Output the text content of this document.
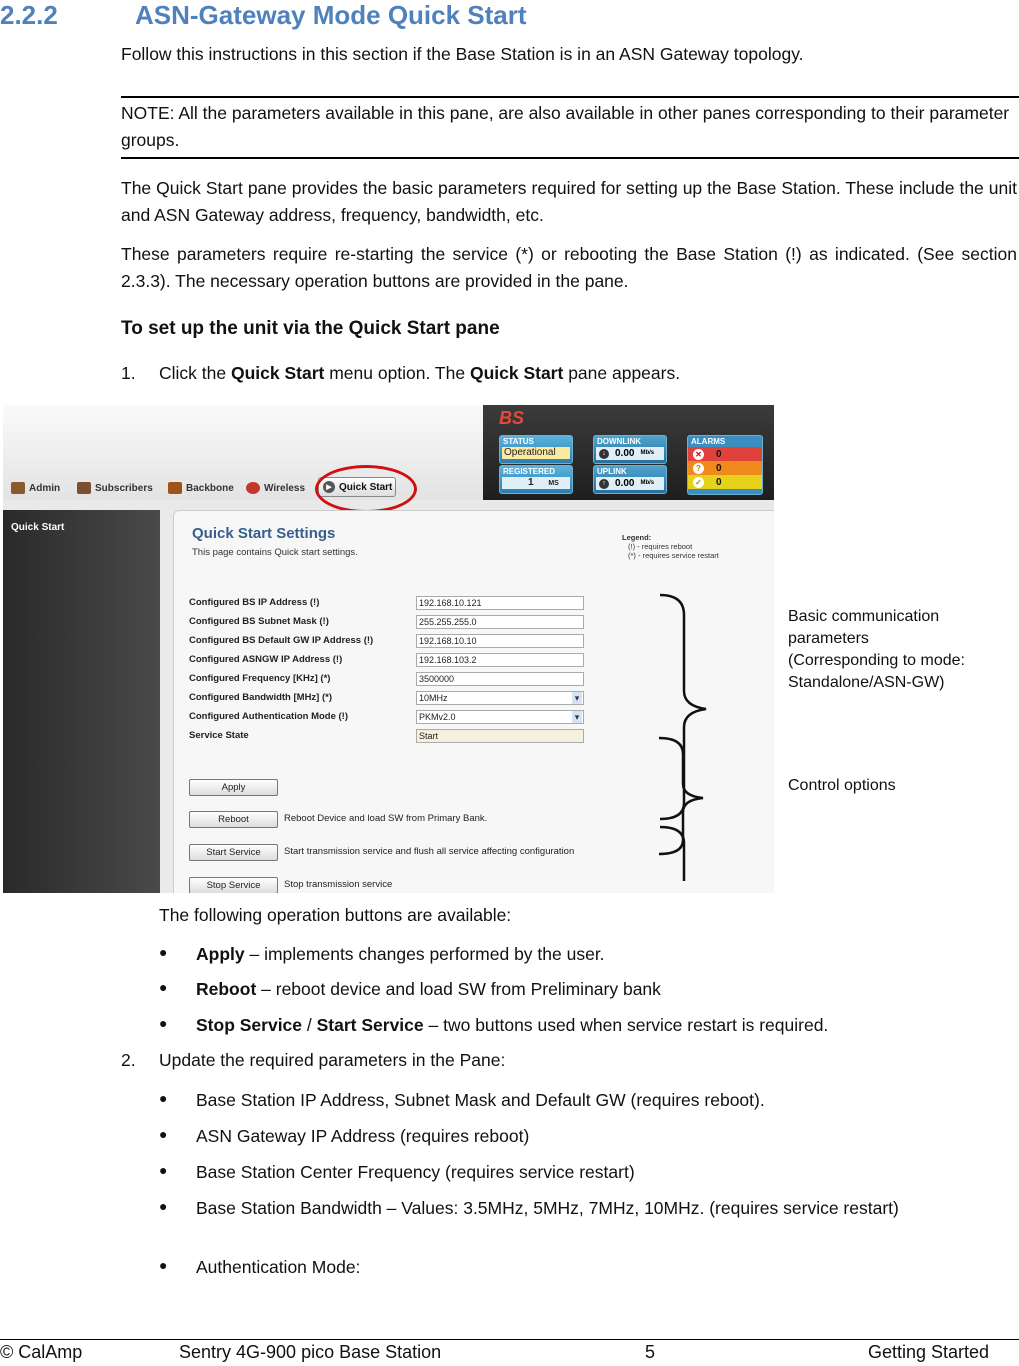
2.2.2	ASN-Gateway Mode Quick Start
Follow this instructions in this section if the Base Station is in an ASN Gateway topology.
NOTE: All the parameters available in this pane, are also available in other panes corresponding to their parameter groups.
The Quick Start pane provides the basic parameters required for setting up the Base Station. These include the unit and ASN Gateway address, frequency, bandwidth, etc.
These parameters require re-starting the service (*) or rebooting the Base Station (!) as indicated. (See section 2.3.3). The necessary operation buttons are provided in the pane.
To set up the unit via the Quick Start pane
1. Click the Quick Start menu option. The Quick Start pane appears.
Admin	Subscribers	Backbone	Wireless	▶ Quick Start
BS
STATUS
Operational
REGISTERED
1 MS
DOWNLINK
↓ 0.00 Mb/s
UPLINK
↑ 0.00 Mb/s
ALARMS
✕ 0
?	0
✓ 0
Quick Start	Quick Start Settings
This page contains Quick start settings.
Legend:
(!) - requires reboot
(*) - requires service restart
Configured BS IP Address (!)	192.168.10.121
Configured BS Subnet Mask (!)	255.255.255.0
Configured BS Default GW IP Address (!)	192.168.10.10
Configured ASNGW IP Address (!)	192.168.103.2
Configured Frequency [KHz] (*)	3500000
Configured Bandwidth [MHz] (*)	10MHz ▾
Configured Authentication Mode (!)	PKMv2.0 ▾
Service State	Start
Apply
Reboot	Reboot Device and load SW from Primary Bank.
Start Service	Start transmission service and flush all service affecting configuration
Stop Service	Stop transmission service
Basic communication
parameters
(Corresponding to mode:
Standalone/ASN-GW)
Control options
The following operation buttons are available:
● Apply – implements changes performed by the user.
● Reboot – reboot device and load SW from Preliminary bank
● Stop Service / Start Service – two buttons used when service restart is required.
2. Update the required parameters in the Pane:
● Base Station IP Address, Subnet Mask and Default GW (requires reboot).
● ASN Gateway IP Address (requires reboot)
● Base Station Center Frequency (requires service restart)
● Base Station Bandwidth – Values: 3.5MHz, 5MHz, 7MHz, 10MHz. (requires service restart)
● Authentication Mode:
© CalAmp	Sentry 4G-900 pico Base Station	5	Getting Started
